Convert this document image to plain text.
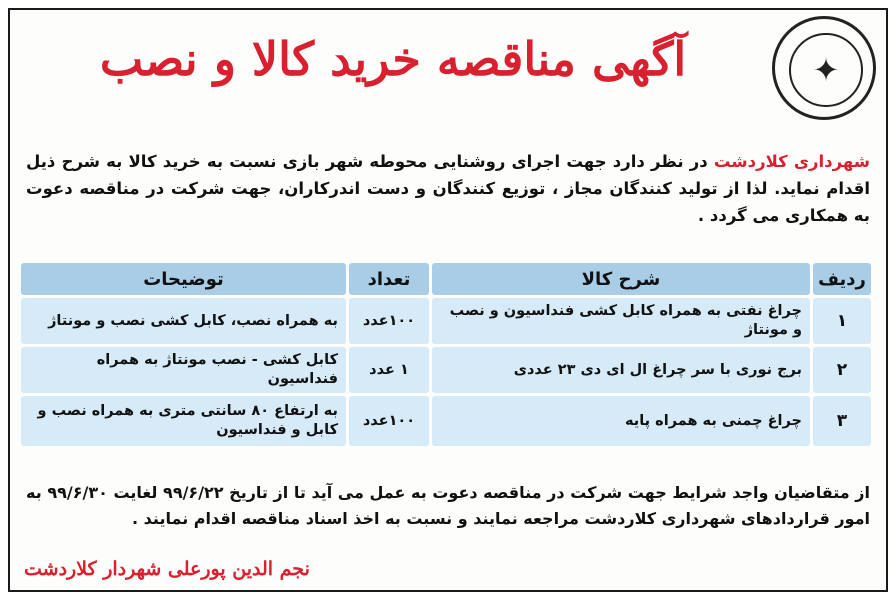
✦
آگهی مناقصه خرید کالا و نصب
شهرداری کلاردشت در نظر دارد جهت اجرای روشنایی محوطه شهر بازی نسبت به خرید کالا به شرح ذیل اقدام نماید. لذا از تولید کنندگان مجاز ، توزیع کنندگان و دست اندرکاران، جهت شرکت در مناقصه دعوت به همکاری می گردد .
ردیف	شرح کالا	تعداد	توضیحات
۱	چراغ نفتی به همراه کابل کشی فنداسیون و نصب و مونتاژ	۱۰۰عدد	به همراه نصب، کابل کشی نصب و مونتاژ
۲	برج نوری با سر چراغ ال ای دی ۲۳ عددی	۱ عدد	کابل کشی - نصب مونتاژ به همراه فنداسیون
۳	چراغ چمنی به همراه پایه	۱۰۰عدد	به ارتفاع ۸۰ سانتی متری به همراه نصب و کابل و فنداسیون
از متقاضیان واجد شرایط جهت شرکت در مناقصه دعوت به عمل می آید تا از تاریخ ۹۹/۶/۲۲ لغایت ۹۹/۶/۳۰ به امور قراردادهای شهرداری کلاردشت مراجعه نمایند و نسبت به اخذ اسناد مناقصه اقدام نمایند .
نجم الدین پورعلی شهردار کلاردشت
